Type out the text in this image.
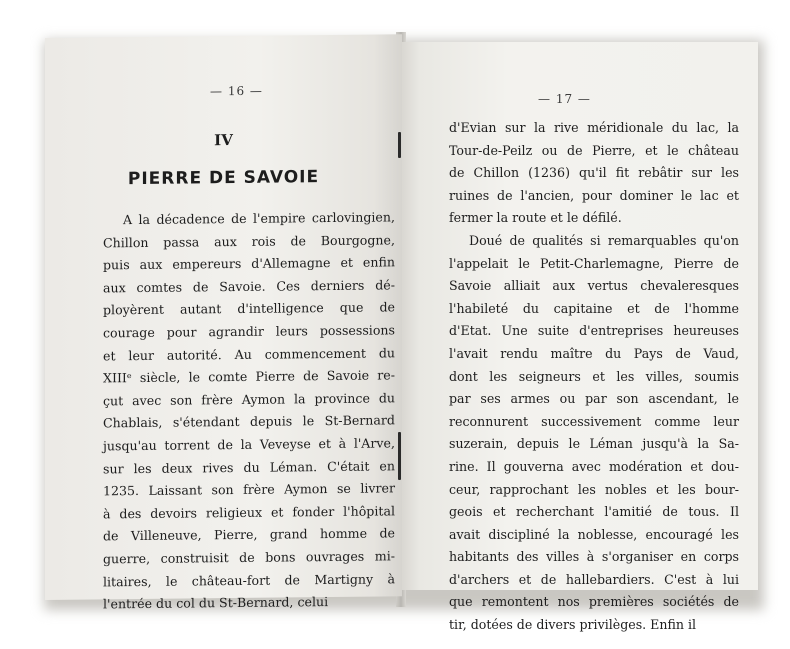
— 16 —
IV
PIERRE DE SAVOIE
A la décadence de l'empire carlovingien,
Chillon passa aux rois de Bourgogne,
puis aux empereurs d'Allemagne et enfin
aux comtes de Savoie. Ces derniers dé-
ployèrent autant d'intelligence que de
courage pour agrandir leurs possessions
et leur autorité. Au commencement du
XIIIᵉ siècle, le comte Pierre de Savoie re-
çut avec son frère Aymon la province du
Chablais, s'étendant depuis le St-Bernard
jusqu'au torrent de la Veveyse et à l'Arve,
sur les deux rives du Léman. C'était en
1235. Laissant son frère Aymon se livrer
à des devoirs religieux et fonder l'hôpital
de Villeneuve, Pierre, grand homme de
guerre, construisit de bons ouvrages mi-
litaires, le château-fort de Martigny à
l'entrée du col du St-Bernard, celui
— 17 —
d'Evian sur la rive méridionale du lac, la
Tour-de-Peilz ou de Pierre, et le château
de Chillon (1236) qu'il fit rebâtir sur les
ruines de l'ancien, pour dominer le lac et
fermer la route et le défilé.
Doué de qualités si remarquables qu'on
l'appelait le Petit-Charlemagne, Pierre de
Savoie alliait aux vertus chevaleresques
l'habileté du capitaine et de l'homme
d'Etat. Une suite d'entreprises heureuses
l'avait rendu maître du Pays de Vaud,
dont les seigneurs et les villes, soumis
par ses armes ou par son ascendant, le
reconnurent successivement comme leur
suzerain, depuis le Léman jusqu'à la Sa-
rine. Il gouverna avec modération et dou-
ceur, rapprochant les nobles et les bour-
geois et recherchant l'amitié de tous. Il
avait discipliné la noblesse, encouragé les
habitants des villes à s'organiser en corps
d'archers et de hallebardiers. C'est à lui
que remontent nos premières sociétés de
tir, dotées de divers privilèges. Enfin il
